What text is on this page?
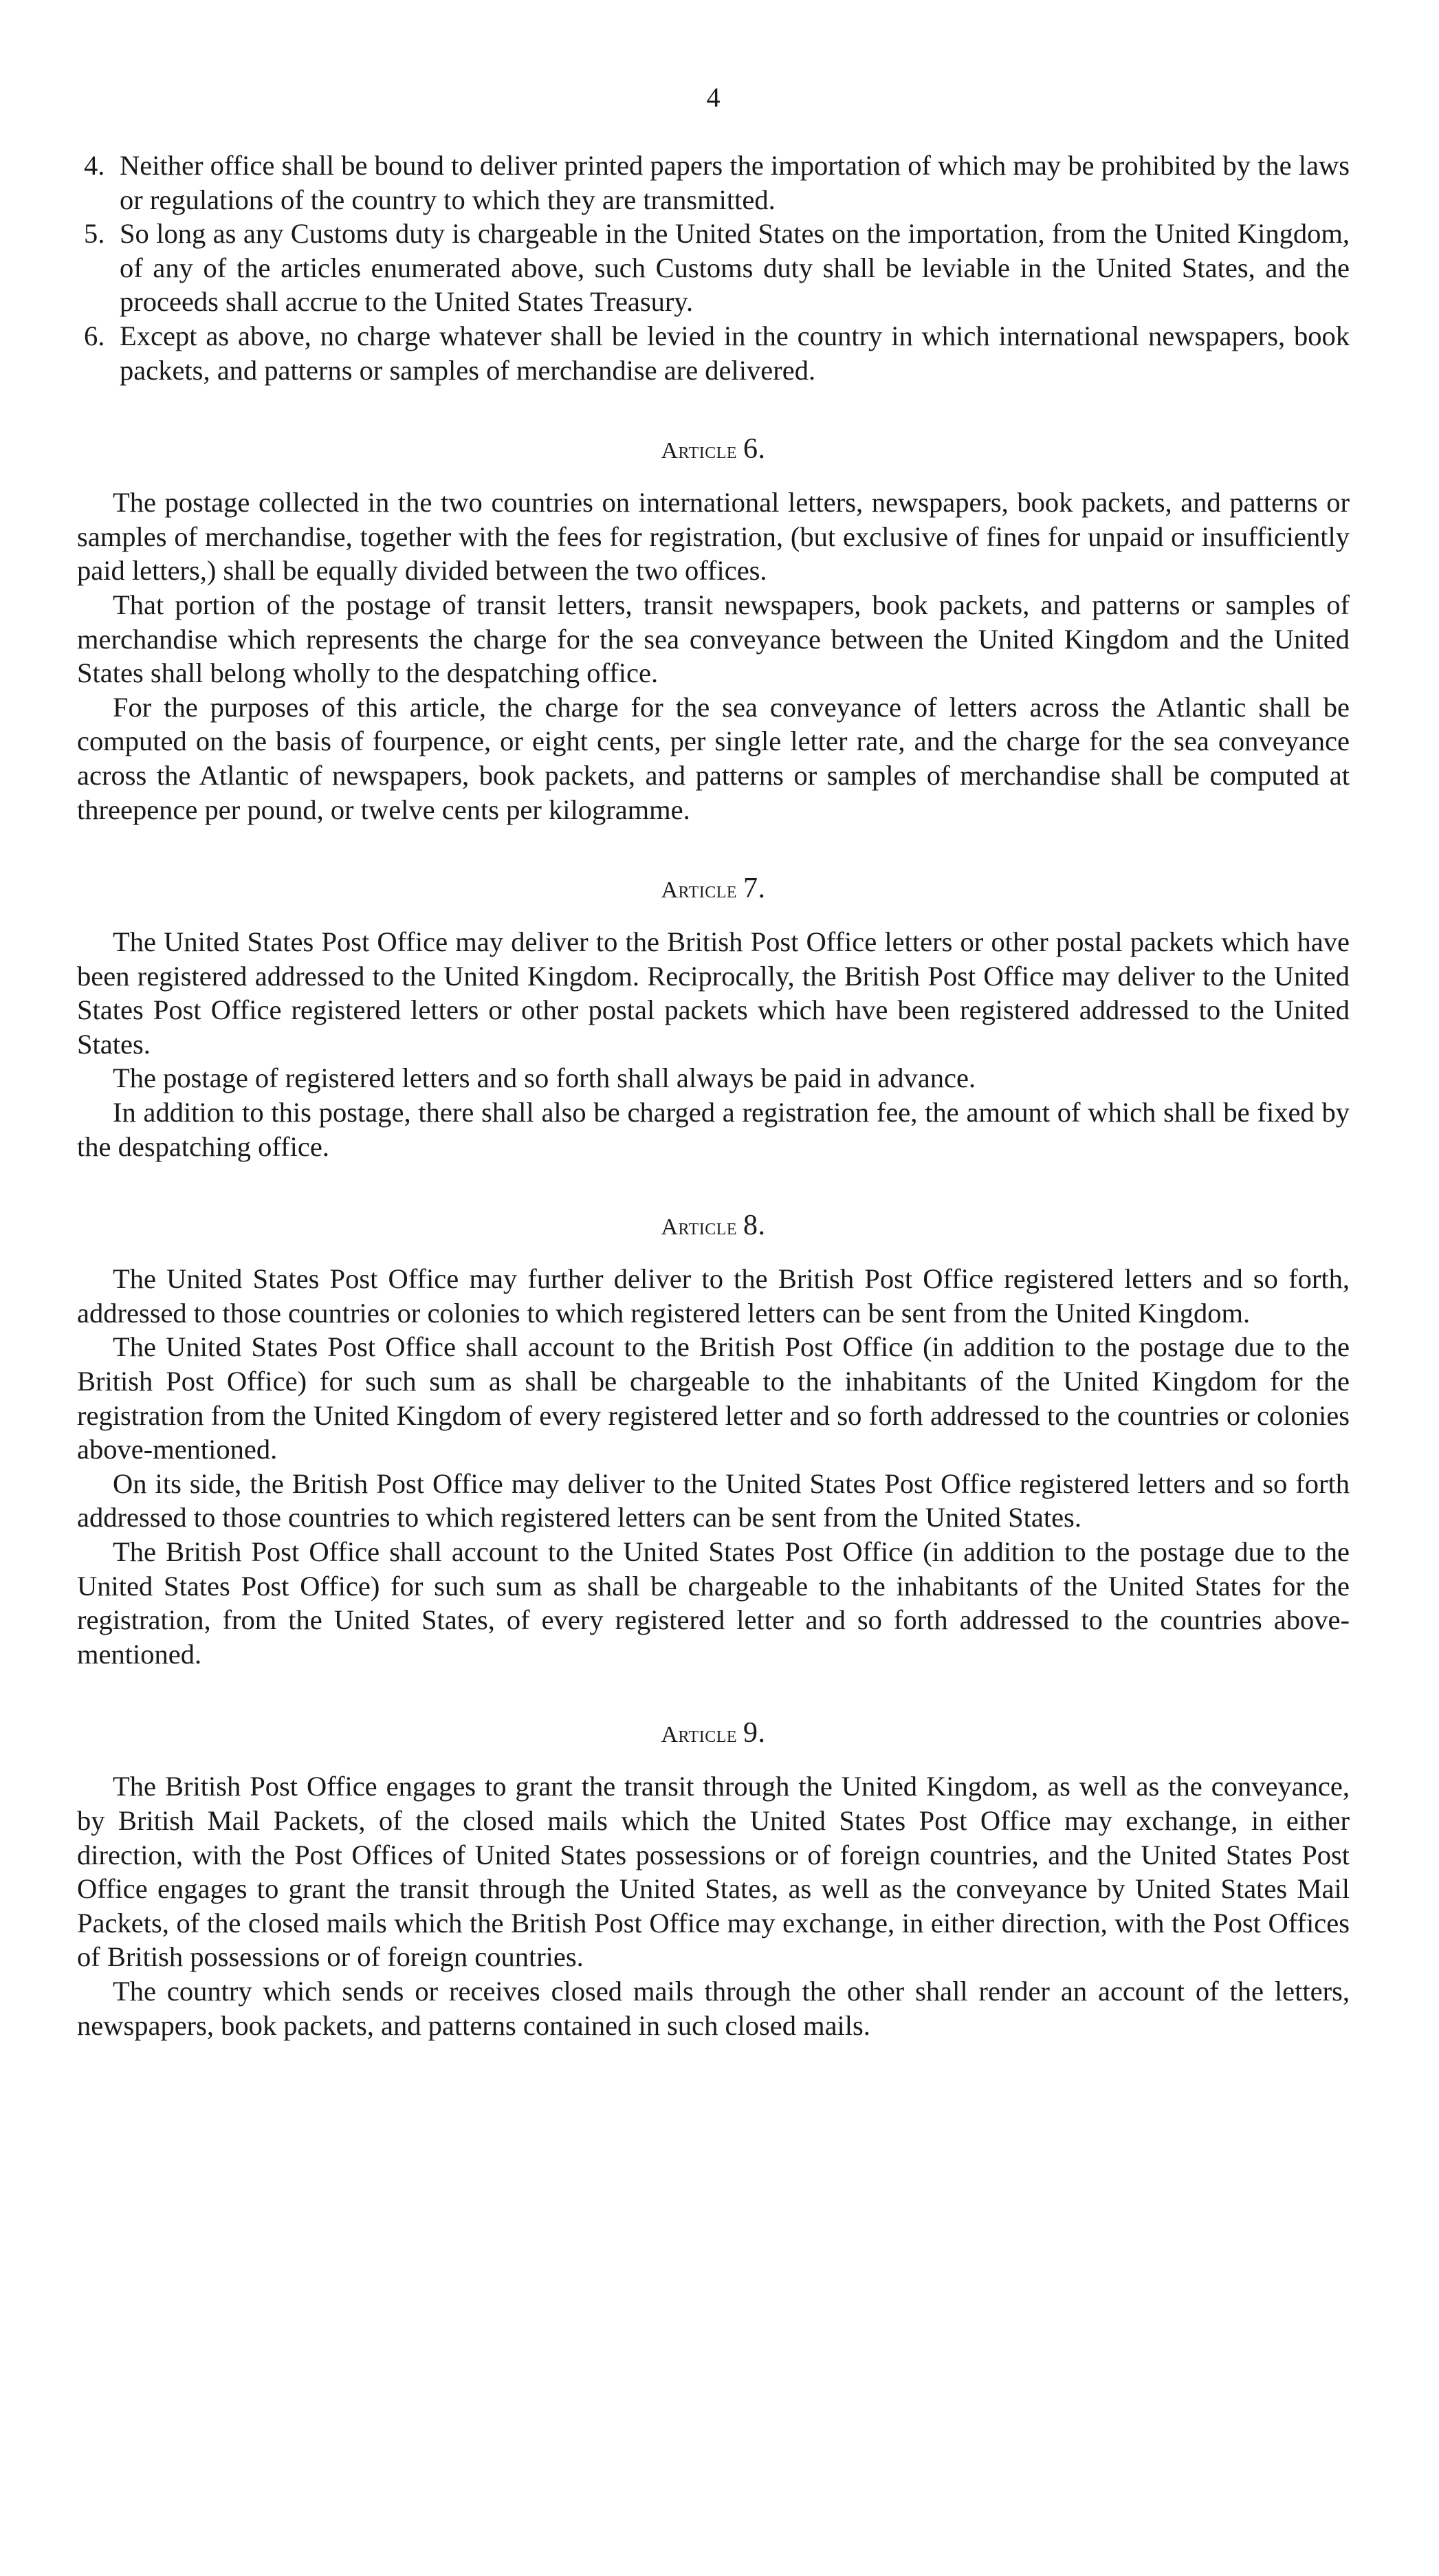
4
4. Neither office shall be bound to deliver printed papers the importation of which may be prohibited by the laws or regulations of the country to which they are transmitted.
5. So long as any Customs duty is chargeable in the United States on the importation, from the United Kingdom, of any of the articles enumerated above, such Customs duty shall be leviable in the United States, and the proceeds shall accrue to the United States Treasury.
6. Except as above, no charge whatever shall be levied in the country in which international newspapers, book packets, and patterns or samples of merchandise are delivered.
Article 6.

The postage collected in the two countries on international letters, newspapers, book packets, and patterns or samples of merchandise, together with the fees for registration, (but exclusive of fines for unpaid or insufficiently paid letters,) shall be equally divided between the two offices.

That portion of the postage of transit letters, transit newspapers, book packets, and patterns or samples of merchandise which represents the charge for the sea conveyance between the United Kingdom and the United States shall belong wholly to the despatching office.

For the purposes of this article, the charge for the sea conveyance of letters across the Atlantic shall be computed on the basis of fourpence, or eight cents, per single letter rate, and the charge for the sea conveyance across the Atlantic of newspapers, book packets, and patterns or samples of merchandise shall be computed at threepence per pound, or twelve cents per kilogramme.

Article 7.

The United States Post Office may deliver to the British Post Office letters or other postal packets which have been registered addressed to the United Kingdom. Reciprocally, the British Post Office may deliver to the United States Post Office registered letters or other postal packets which have been registered addressed to the United States.

The postage of registered letters and so forth shall always be paid in advance.

In addition to this postage, there shall also be charged a registration fee, the amount of which shall be fixed by the despatching office.

Article 8.

The United States Post Office may further deliver to the British Post Office registered letters and so forth, addressed to those countries or colonies to which registered letters can be sent from the United Kingdom.

The United States Post Office shall account to the British Post Office (in addition to the postage due to the British Post Office) for such sum as shall be chargeable to the inhabitants of the United Kingdom for the registration from the United Kingdom of every registered letter and so forth addressed to the countries or colonies above-mentioned.

On its side, the British Post Office may deliver to the United States Post Office registered letters and so forth addressed to those countries to which registered letters can be sent from the United States.

The British Post Office shall account to the United States Post Office (in addition to the postage due to the United States Post Office) for such sum as shall be chargeable to the inhabitants of the United States for the registration, from the United States, of every registered letter and so forth addressed to the countries above-mentioned.

Article 9.

The British Post Office engages to grant the transit through the United Kingdom, as well as the conveyance, by British Mail Packets, of the closed mails which the United States Post Office may exchange, in either direction, with the Post Offices of United States possessions or of foreign countries, and the United States Post Office engages to grant the transit through the United States, as well as the conveyance by United States Mail Packets, of the closed mails which the British Post Office may exchange, in either direction, with the Post Offices of British possessions or of foreign countries.

The country which sends or receives closed mails through the other shall render an account of the letters, newspapers, book packets, and patterns contained in such closed mails.
